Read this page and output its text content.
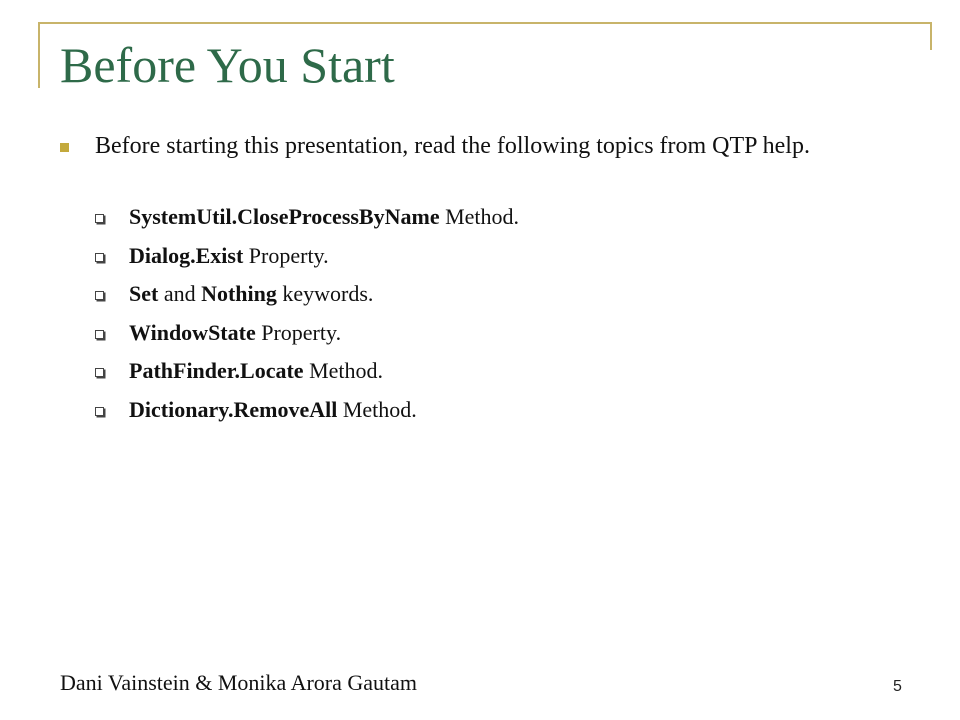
Before You Start
Before starting this presentation, read the following topics from QTP help.
SystemUtil.CloseProcessByName Method.
Dialog.Exist Property.
Set and Nothing keywords.
WindowState Property.
PathFinder.Locate Method.
Dictionary.RemoveAll Method.

Dani Vainstein & Monika Arora Gautam	5
